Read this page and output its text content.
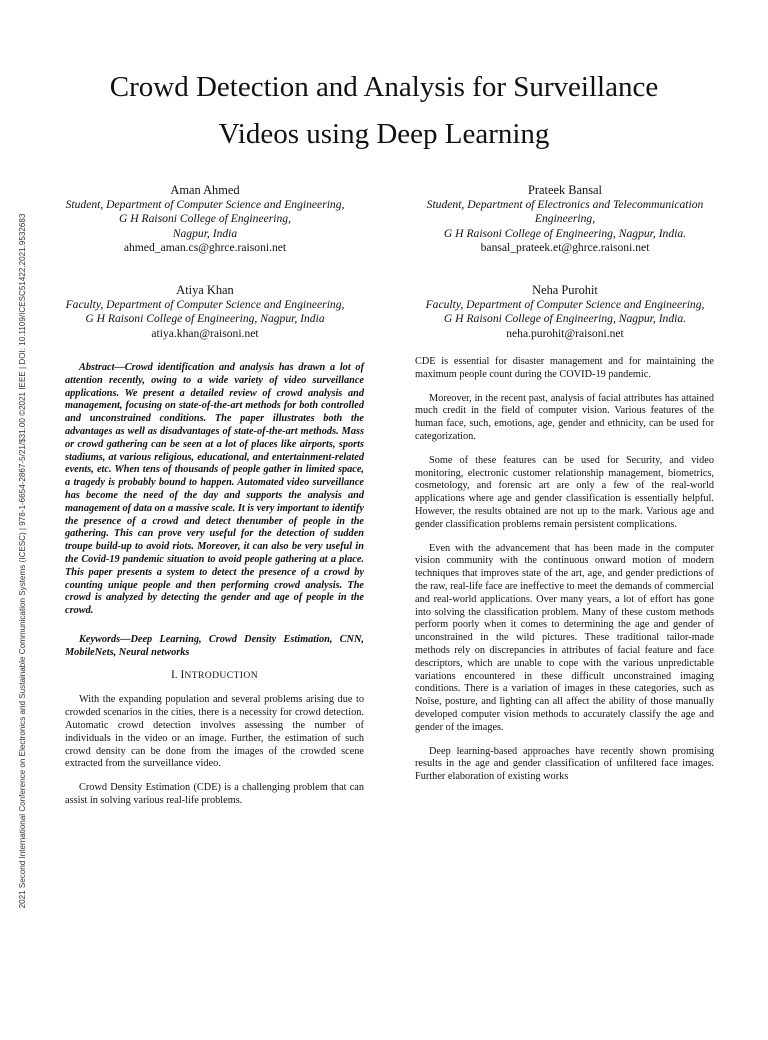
2021 Second International Conference on Electronics and Sustainable Communication Systems (ICESC) | 978-1-6654-2867-5/21/$31.00 ©2021 IEEE | DOI: 10.1109/ICESC51422.2021.9532683
Crowd Detection and Analysis for Surveillance
Videos using Deep Learning
Aman Ahmed
Student, Department of Computer Science and Engineering,
G H Raisoni College of Engineering,
Nagpur, India
ahmed_aman.cs@ghrce.raisoni.net
Prateek Bansal
Student, Department of Electronics and Telecommunication
Engineering,
G H Raisoni College of Engineering, Nagpur, India.
bansal_prateek.et@ghrce.raisoni.net
Atiya Khan
Faculty, Department of Computer Science and Engineering,
G H Raisoni College of Engineering, Nagpur, India
atiya.khan@raisoni.net
Neha Purohit
Faculty, Department of Computer Science and Engineering,
G H Raisoni College of Engineering, Nagpur, India.
neha.purohit@raisoni.net

Abstract—Crowd identification and analysis has drawn a lot of attention recently, owing to a wide variety of video surveillance applications. We present a detailed review of crowd analysis and management, focusing on state-of-the-art methods for both controlled and unconstrained conditions. The paper illustrates both the advantages as well as disadvantages of state-of-the-art methods. Mass or crowd gathering can be seen at a lot of places like airports, sports stadiums, at various religious, educational, and entertainment-related events, etc. When tens of thousands of people gather in limited space, a tragedy is probably bound to happen. Automated video surveillance has become the need of the day and supports the analysis and management of data on a massive scale. It is very important to identify the presence of a crowd and detect thenumber of people in the gathering. This can prove very useful for the detection of sudden troupe build-up to avoid riots. Moreover, it can also be very useful in the Covid-19 pandemic situation to avoid people gathering at a place. This paper presents a system to detect the presence of a crowd by counting unique people and then performing crowd analysis. The crowd is analyzed by detecting the gender and age of people in the crowd.

Keywords—Deep Learning, Crowd Density Estimation, CNN, MobileNets, Neural networks

I. INTRODUCTION

With the expanding population and several problems arising due to crowded scenarios in the cities, there is a necessity for crowd detection. Automatic crowd detection involves assessing the number of individuals in the video or an image. Further, the estimation of such crowd density can be done from the images of the crowded scene extracted from the surveillance video.

Crowd Density Estimation (CDE) is a challenging problem that can assist in solving various real-life problems.

CDE is essential for disaster management and for maintaining the maximum people count during the COVID-19 pandemic.

Moreover, in the recent past, analysis of facial attributes has attained much credit in the field of computer vision. Various features of the human face, such, emotions, age, gender and ethnicity, can be used for categorization.

Some of these features can be used for Security, and video monitoring, electronic customer relationship management, biometrics, cosmetology, and forensic art are only a few of the real-world applications where age and gender classification is essentially helpful. However, the results obtained are not up to the mark. Various age and gender classification problems remain persistent complications.

Even with the advancement that has been made in the computer vision community with the continuous onward motion of modern techniques that improves state of the art, age, and gender predictions of the raw, real-life face are ineffective to meet the demands of commercial and real-world applications. Over many years, a lot of effort has gone into solving the classification problem. Many of these custom methods perform poorly when it comes to determining the age and gender of unconstrained in the wild pictures. These traditional tailor-made methods rely on discrepancies in attributes of facial feature and face descriptors, which are unable to cope with the various unpredictable variations encountered in these difficult unconstrained imaging conditions. There is a variation of images in these categories, such as Noise, posture, and lighting can all affect the ability of those manually developed computer vision methods to accurately classify the age and gender of the images.

Deep learning-based approaches have recently shown promising results in the age and gender classification of unfiltered face images. Further elaboration of existing works
